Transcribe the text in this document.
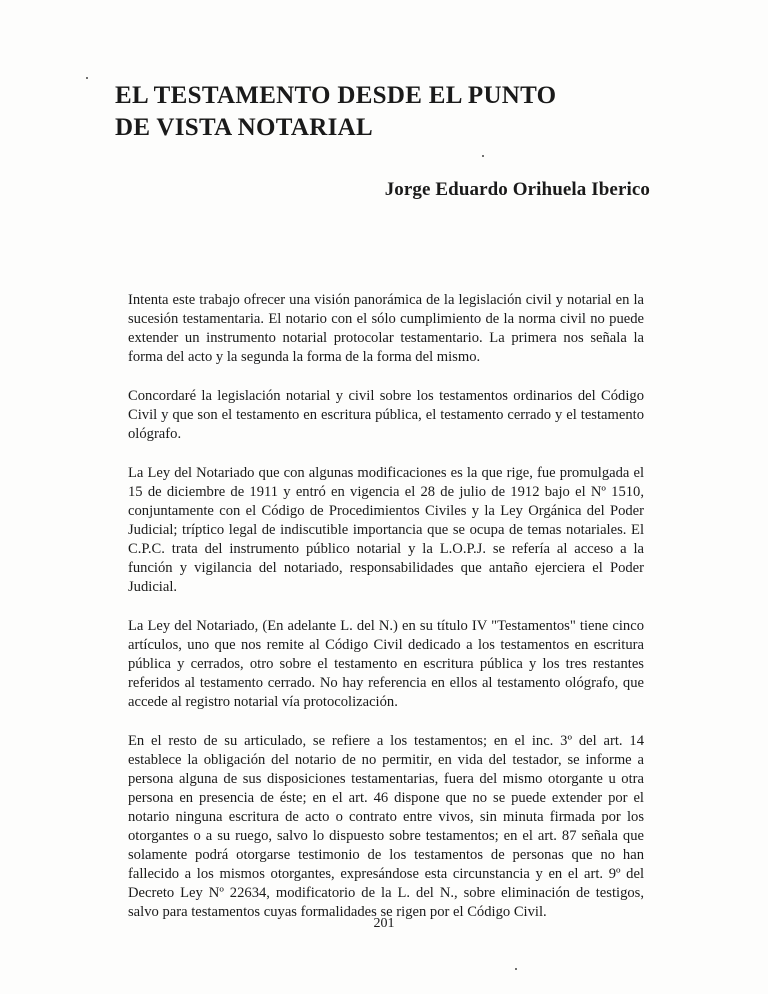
EL TESTAMENTO DESDE EL PUNTO
DE VISTA NOTARIAL
Jorge Eduardo Orihuela Iberico

Intenta este trabajo ofrecer una visión panorámica de la legislación civil y notarial en la sucesión testamentaria. El notario con el sólo cumplimiento de la norma civil no puede extender un instrumento notarial protocolar testamentario. La primera nos señala la forma del acto y la segunda la forma de la forma del mismo.

Concordaré la legislación notarial y civil sobre los testamentos ordinarios del Código Civil y que son el testamento en escritura pública, el testamento cerrado y el testamento ológrafo.

La Ley del Notariado que con algunas modificaciones es la que rige, fue promulgada el 15 de diciembre de 1911 y entró en vigencia el 28 de julio de 1912 bajo el Nº 1510, conjuntamente con el Código de Procedimientos Civiles y la Ley Orgánica del Poder Judicial; tríptico legal de indiscutible importancia que se ocupa de temas notariales. El C.P.C. trata del instrumento público notarial y la L.O.P.J. se refería al acceso a la función y vigilancia del notariado, responsabilidades que antaño ejerciera el Poder Judicial.

La Ley del Notariado, (En adelante L. del N.) en su título IV "Testamentos" tiene cinco artículos, uno que nos remite al Código Civil dedicado a los testamentos en escritura pública y cerrados, otro sobre el testamento en escritura pública y los tres restantes referidos al testamento cerrado. No hay referencia en ellos al testamento ológrafo, que accede al registro notarial vía protocolización.

En el resto de su articulado, se refiere a los testamentos; en el inc. 3º del art. 14 establece la obligación del notario de no permitir, en vida del testador, se informe a persona alguna de sus disposiciones testamentarias, fuera del mismo otorgante u otra persona en presencia de éste; en el art. 46 dispone que no se puede extender por el notario ninguna escritura de acto o contrato entre vivos, sin minuta firmada por los otorgantes o a su ruego, salvo lo dispuesto sobre testamentos; en el art. 87 señala que solamente podrá otorgarse testimonio de los testamentos de personas que no han fallecido a los mismos otorgantes, expresándose esta circunstancia y en el art. 9º del Decreto Ley Nº 22634, modificatorio de la L. del N., sobre eliminación de testigos, salvo para testamentos cuyas formalidades se rigen por el Código Civil.

201
